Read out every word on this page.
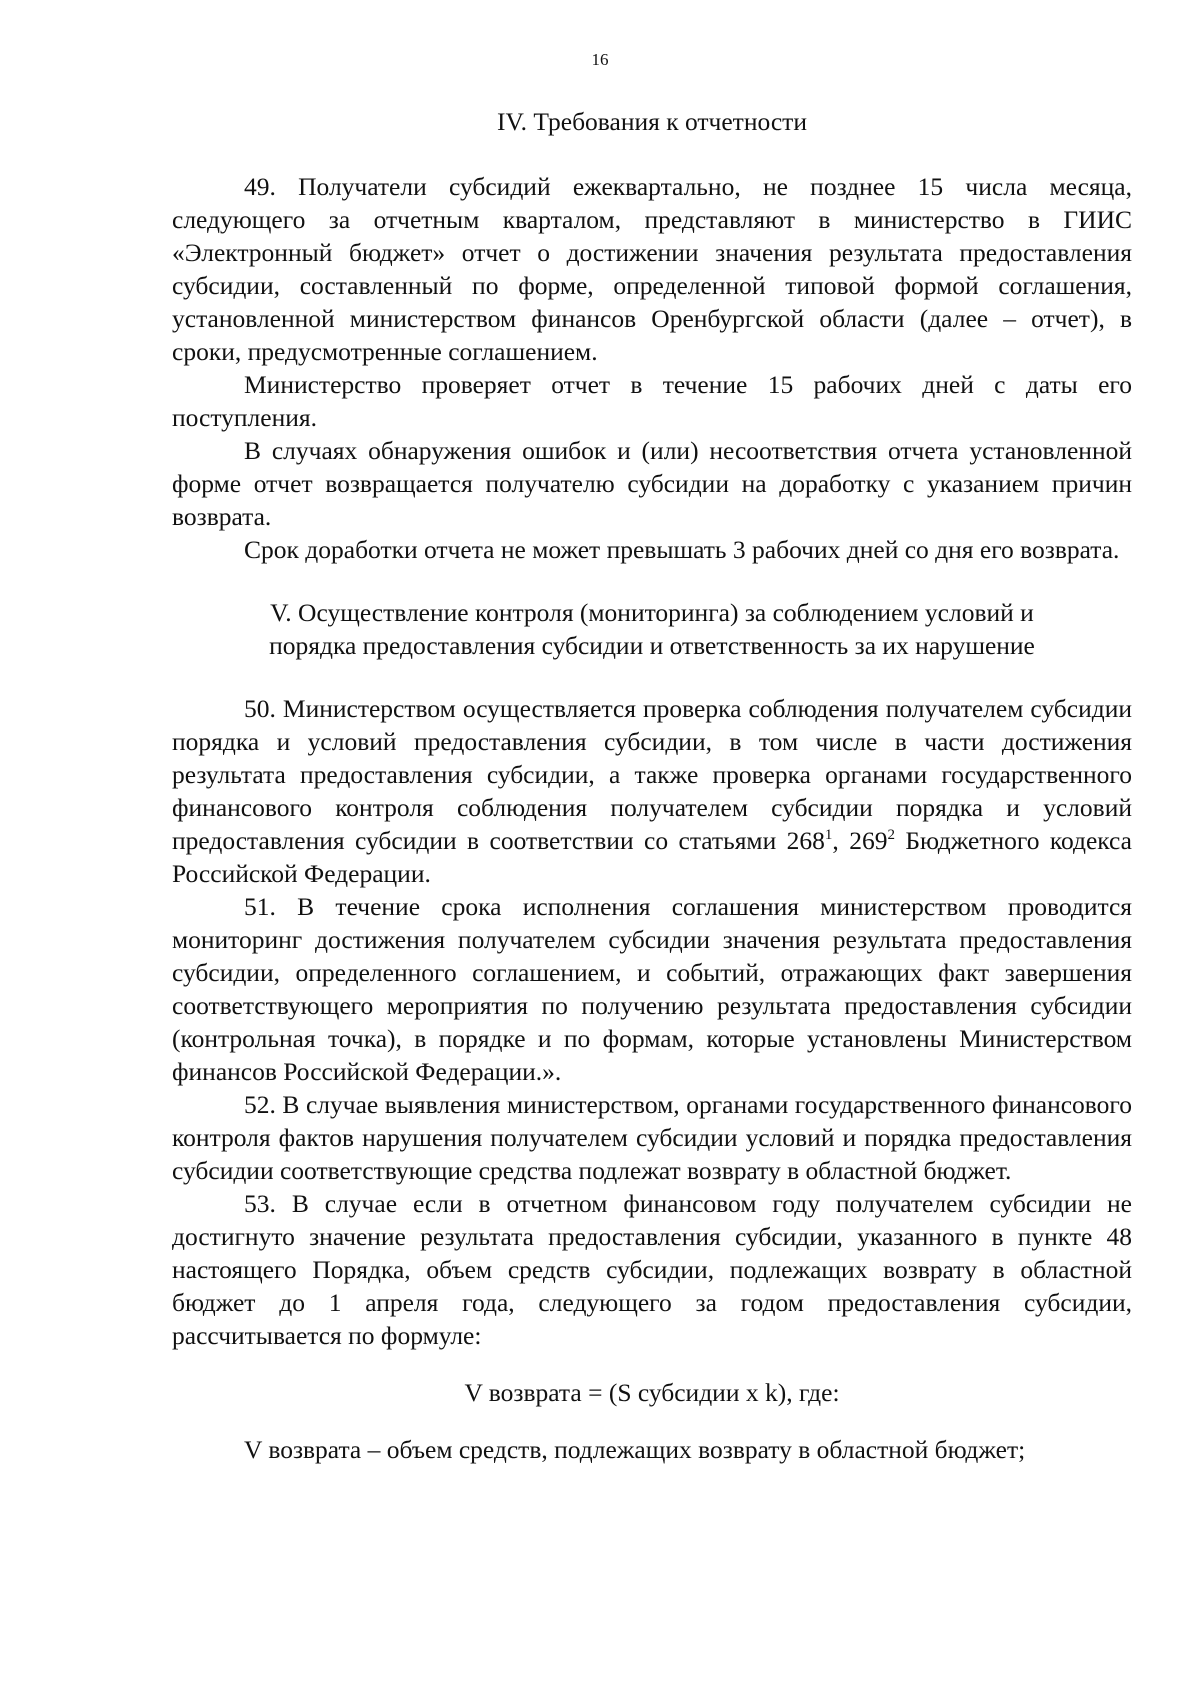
16

IV. Требования к отчетности

49. Получатели субсидий ежеквартально, не позднее 15 числа месяца, следующего за отчетным кварталом, представляют в министерство в ГИИС «Электронный бюджет» отчет о достижении значения результата предоставления субсидии, составленный по форме, определенной типовой формой соглашения, установленной министерством финансов Оренбургской области (далее – отчет), в сроки, предусмотренные соглашением.

Министерство проверяет отчет в течение 15 рабочих дней с даты его поступления.

В случаях обнаружения ошибок и (или) несоответствия отчета установленной форме отчет возвращается получателю субсидии на доработку с указанием причин возврата.

Срок доработки отчета не может превышать 3 рабочих дней со дня его возврата.

V. Осуществление контроля (мониторинга) за соблюдением условий и
порядка предоставления субсидии и ответственность за их нарушение

50. Министерством осуществляется проверка соблюдения получателем субсидии порядка и условий предоставления субсидии, в том числе в части достижения результата предоставления субсидии, а также проверка органами государственного финансового контроля соблюдения получателем субсидии порядка и условий предоставления субсидии в соответствии со статьями $268^1$, $269^2$ Бюджетного кодекса Российской Федерации.

51. В течение срока исполнения соглашения министерством проводится мониторинг достижения получателем субсидии значения результата предоставления субсидии, определенного соглашением, и событий, отражающих факт завершения соответствующего мероприятия по получению результата предоставления субсидии (контрольная точка), в порядке и по формам, которые установлены Министерством финансов Российской Федерации.».

52. В случае выявления министерством, органами государственного финансового контроля фактов нарушения получателем субсидии условий и порядка предоставления субсидии соответствующие средства подлежат возврату в областной бюджет.

53. В случае если в отчетном финансовом году получателем субсидии не достигнуто значение результата предоставления субсидии, указанного в пункте 48 настоящего Порядка, объем средств субсидии, подлежащих возврату в областной бюджет до 1 апреля года, следующего за годом предоставления субсидии, рассчитывается по формуле:

V возврата = (S субсидии x k), где:

V возврата – объем средств, подлежащих возврату в областной бюджет;
